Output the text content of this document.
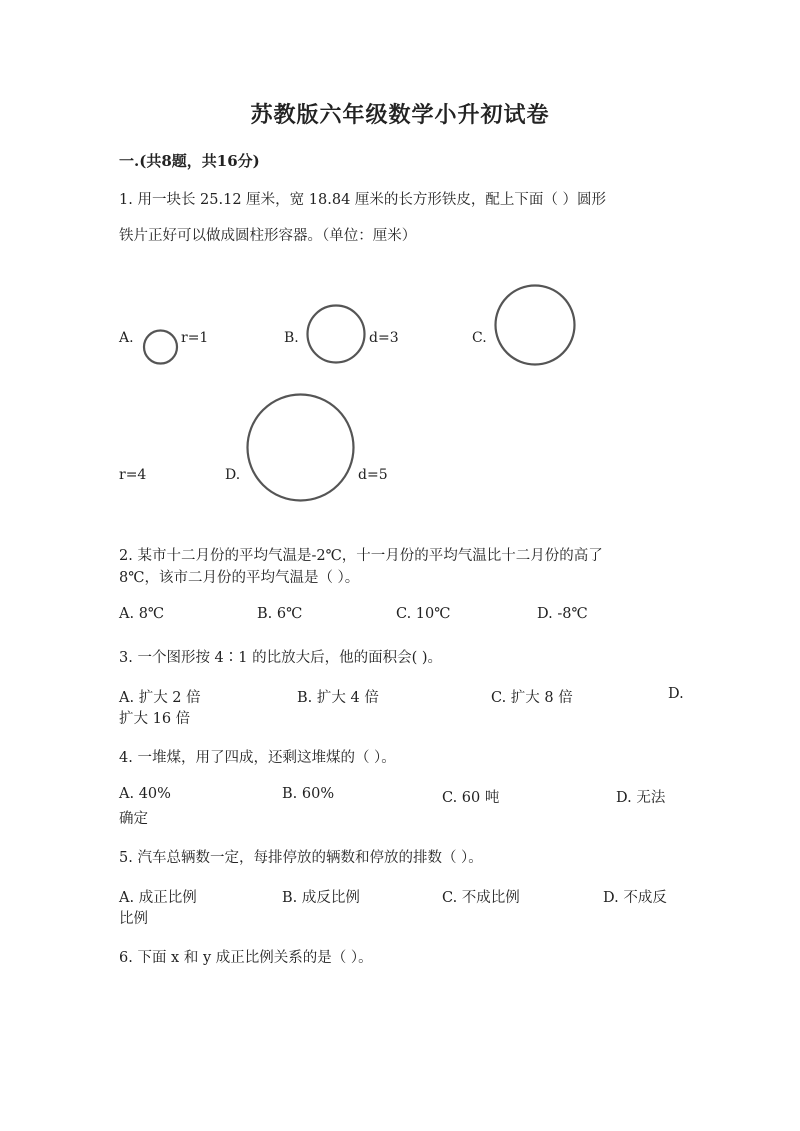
苏教版六年级数学小升初试卷
一.(共8题，共16分)
1. 用一块长 25.12 厘米，宽 18.84 厘米的长方形铁皮，配上下面（ ）圆形
铁片正好可以做成圆柱形容器。（单位：厘米）
A.	r=1	B.	d=3	C.
r=4	D.	d=5
2. 某市十二月份的平均气温是-2℃，十一月份的平均气温比十二月份的高了
8℃，该市二月份的平均气温是（ ）。
A. 8℃	B. 6℃	C. 10℃	D. -8℃
3. 一个图形按 4∶1 的比放大后，他的面积会( )。
A. 扩大 2 倍	B. 扩大 4 倍	C. 扩大 8 倍	D.
扩大 16 倍
4. 一堆煤，用了四成，还剩这堆煤的（ ）。
A. 40%	B. 60%	C. 60 吨	D. 无法
确定
5. 汽车总辆数一定，每排停放的辆数和停放的排数（ ）。
A. 成正比例	B. 成反比例	C. 不成比例	D. 不成反
比例
6. 下面 x 和 y 成正比例关系的是（ ）。
